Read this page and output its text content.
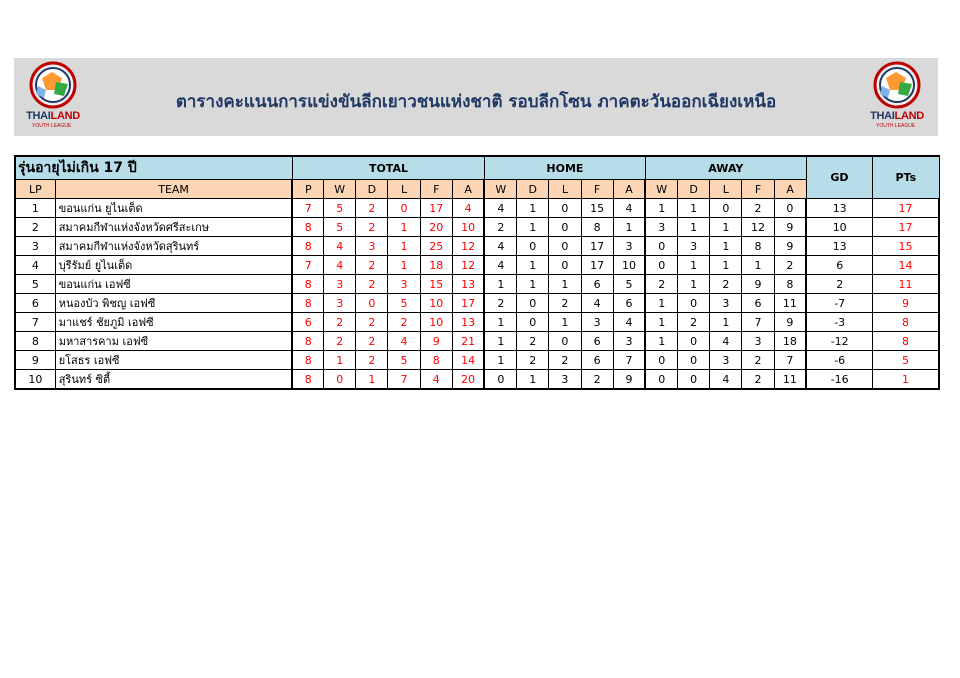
THAILAND
YOUTH LEAGUE
ตารางคะแนนการแข่งขันลีกเยาวชนแห่งชาติ รอบลีกโซน ภาคตะวันออกเฉียงเหนือ
THAILAND
YOUTH LEAGUE
รุ่นอายุไม่เกิน 17 ปี		TOTAL						HOME					AWAY					GD	PTs
LP	TEAM	P	W	D	L	F	A	W	D	L	F	A	W	D	L	F	A		
1	ขอนแก่น ยูไนเต็ด	7	5	2	0	17	4	4	1	0	15	4	1	1	0	2	0	13	17
2	สมาคมกีฬาแห่งจังหวัดศรีสะเกษ	8	5	2	1	20	10	2	1	0	8	1	3	1	1	12	9	10	17
3	สมาคมกีฬาแห่งจังหวัดสุรินทร์	8	4	3	1	25	12	4	0	0	17	3	0	3	1	8	9	13	15
4	บุรีรัมย์ ยูไนเต็ด	7	4	2	1	18	12	4	1	0	17	10	0	1	1	1	2	6	14
5	ขอนแก่น เอฟซี	8	3	2	3	15	13	1	1	1	6	5	2	1	2	9	8	2	11
6	หนองบัว พิชญ เอฟซี	8	3	0	5	10	17	2	0	2	4	6	1	0	3	6	11	-7	9
7	มาแชร์ ชัยภูมิ เอฟซี	6	2	2	2	10	13	1	0	1	3	4	1	2	1	7	9	-3	8
8	มหาสารคาม เอฟซี	8	2	2	4	9	21	1	2	0	6	3	1	0	4	3	18	-12	8
9	ยโสธร เอฟซี	8	1	2	5	8	14	1	2	2	6	7	0	0	3	2	7	-6	5
10	สุรินทร์ ซิตี้	8	0	1	7	4	20	0	1	3	2	9	0	0	4	2	11	-16	1
